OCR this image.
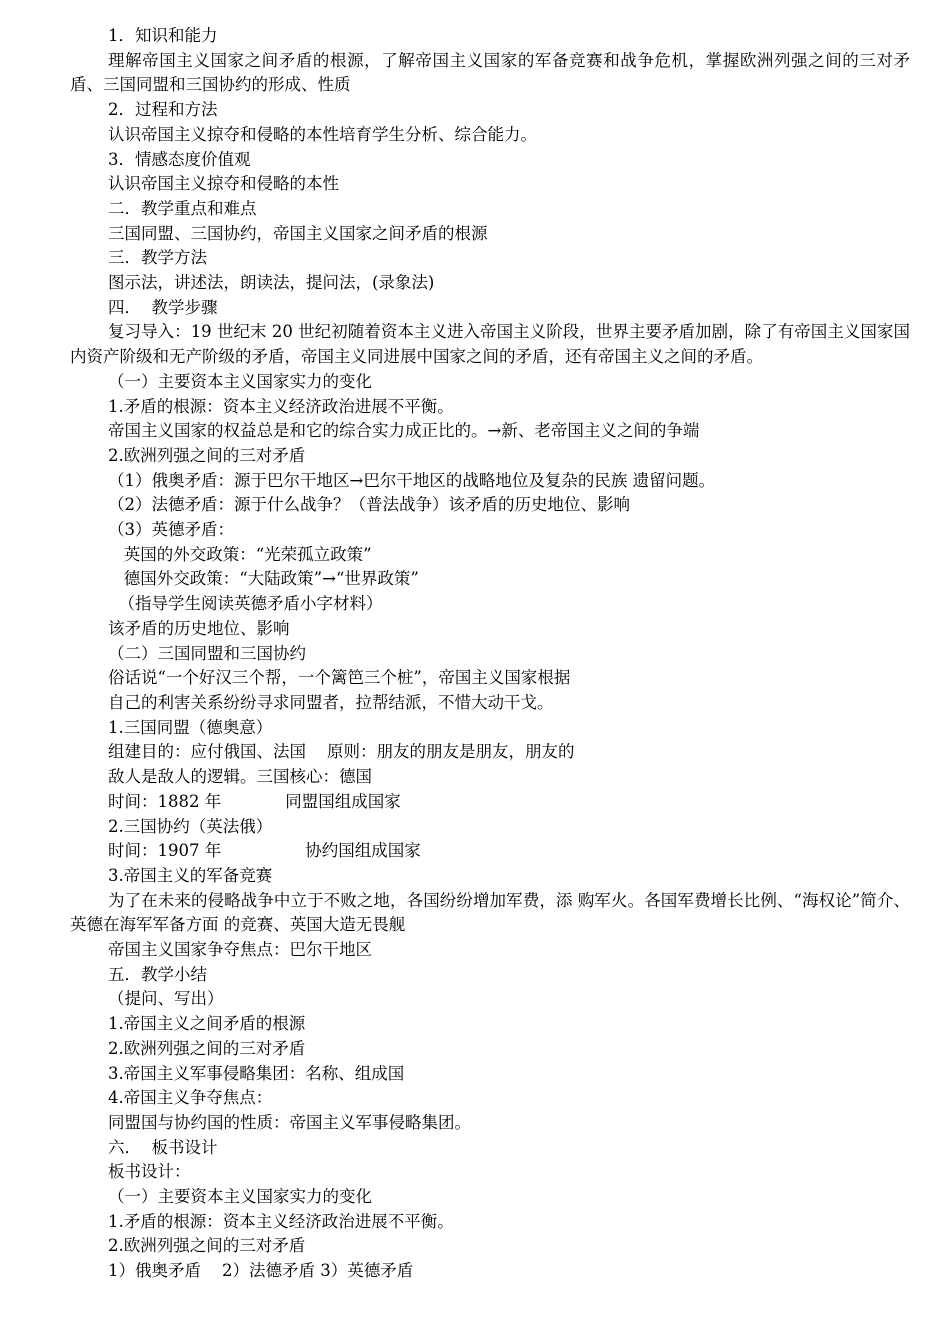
1．知识和能力

理解帝国主义国家之间矛盾的根源，了解帝国主义国家的军备竞赛和战争危机，掌握欧洲列强之间的三对矛盾、三国同盟和三国协约的形成、性质

2．过程和方法

认识帝国主义掠夺和侵略的本性培育学生分析、综合能力。

3．情感态度价值观

认识帝国主义掠夺和侵略的本性

二．教学重点和难点

三国同盟、三国协约，帝国主义国家之间矛盾的根源

三．教学方法

图示法，讲述法，朗读法，提问法，(录象法)

四．  教学步骤

复习导入：19 世纪末 20 世纪初随着资本主义进入帝国主义阶段，世界主要矛盾加剧，除了有帝国主义国家国内资产阶级和无产阶级的矛盾，帝国主义同进展中国家之间的矛盾，还有帝国主义之间的矛盾。

（一）主要资本主义国家实力的变化

1.矛盾的根源：资本主义经济政治进展不平衡。

帝国主义国家的权益总是和它的综合实力成正比的。→新、老帝国主义之间的争端

2.欧洲列强之间的三对矛盾

（1）俄奥矛盾：源于巴尔干地区→巴尔干地区的战略地位及复杂的民族 遗留问题。

（2）法德矛盾：源于什么战争？（普法战争）该矛盾的历史地位、影响

（3）英德矛盾：

英国的外交政策：“光荣孤立政策”

德国外交政策：“大陆政策”→“世界政策”

（指导学生阅读英德矛盾小字材料）

该矛盾的历史地位、影响

（二）三国同盟和三国协约

俗话说“一个好汉三个帮，一个篱笆三个桩”，帝国主义国家根据

自己的利害关系纷纷寻求同盟者，拉帮结派，不惜大动干戈。

1.三国同盟（德奥意）

组建目的：应付俄国、法国    原则：朋友的朋友是朋友，朋友的

敌人是敌人的逻辑。三国核心：德国

时间：1882 年	同盟国组成国家

2.三国协约（英法俄）

时间：1907 年	协约国组成国家

3.帝国主义的军备竞赛

为了在未来的侵略战争中立于不败之地，各国纷纷增加军费，添 购军火。各国军费增长比例、“海权论”简介、英德在海军军备方面 的竞赛、英国大造无畏舰

帝国主义国家争夺焦点：巴尔干地区

五．教学小结

（提问、写出）

1.帝国主义之间矛盾的根源

2.欧洲列强之间的三对矛盾

3.帝国主义军事侵略集团：名称、组成国

4.帝国主义争夺焦点：

同盟国与协约国的性质：帝国主义军事侵略集团。

六．  板书设计

板书设计：

（一）主要资本主义国家实力的变化

1.矛盾的根源：资本主义经济政治进展不平衡。

2.欧洲列强之间的三对矛盾

1）俄奥矛盾    2）法德矛盾 3）英德矛盾
